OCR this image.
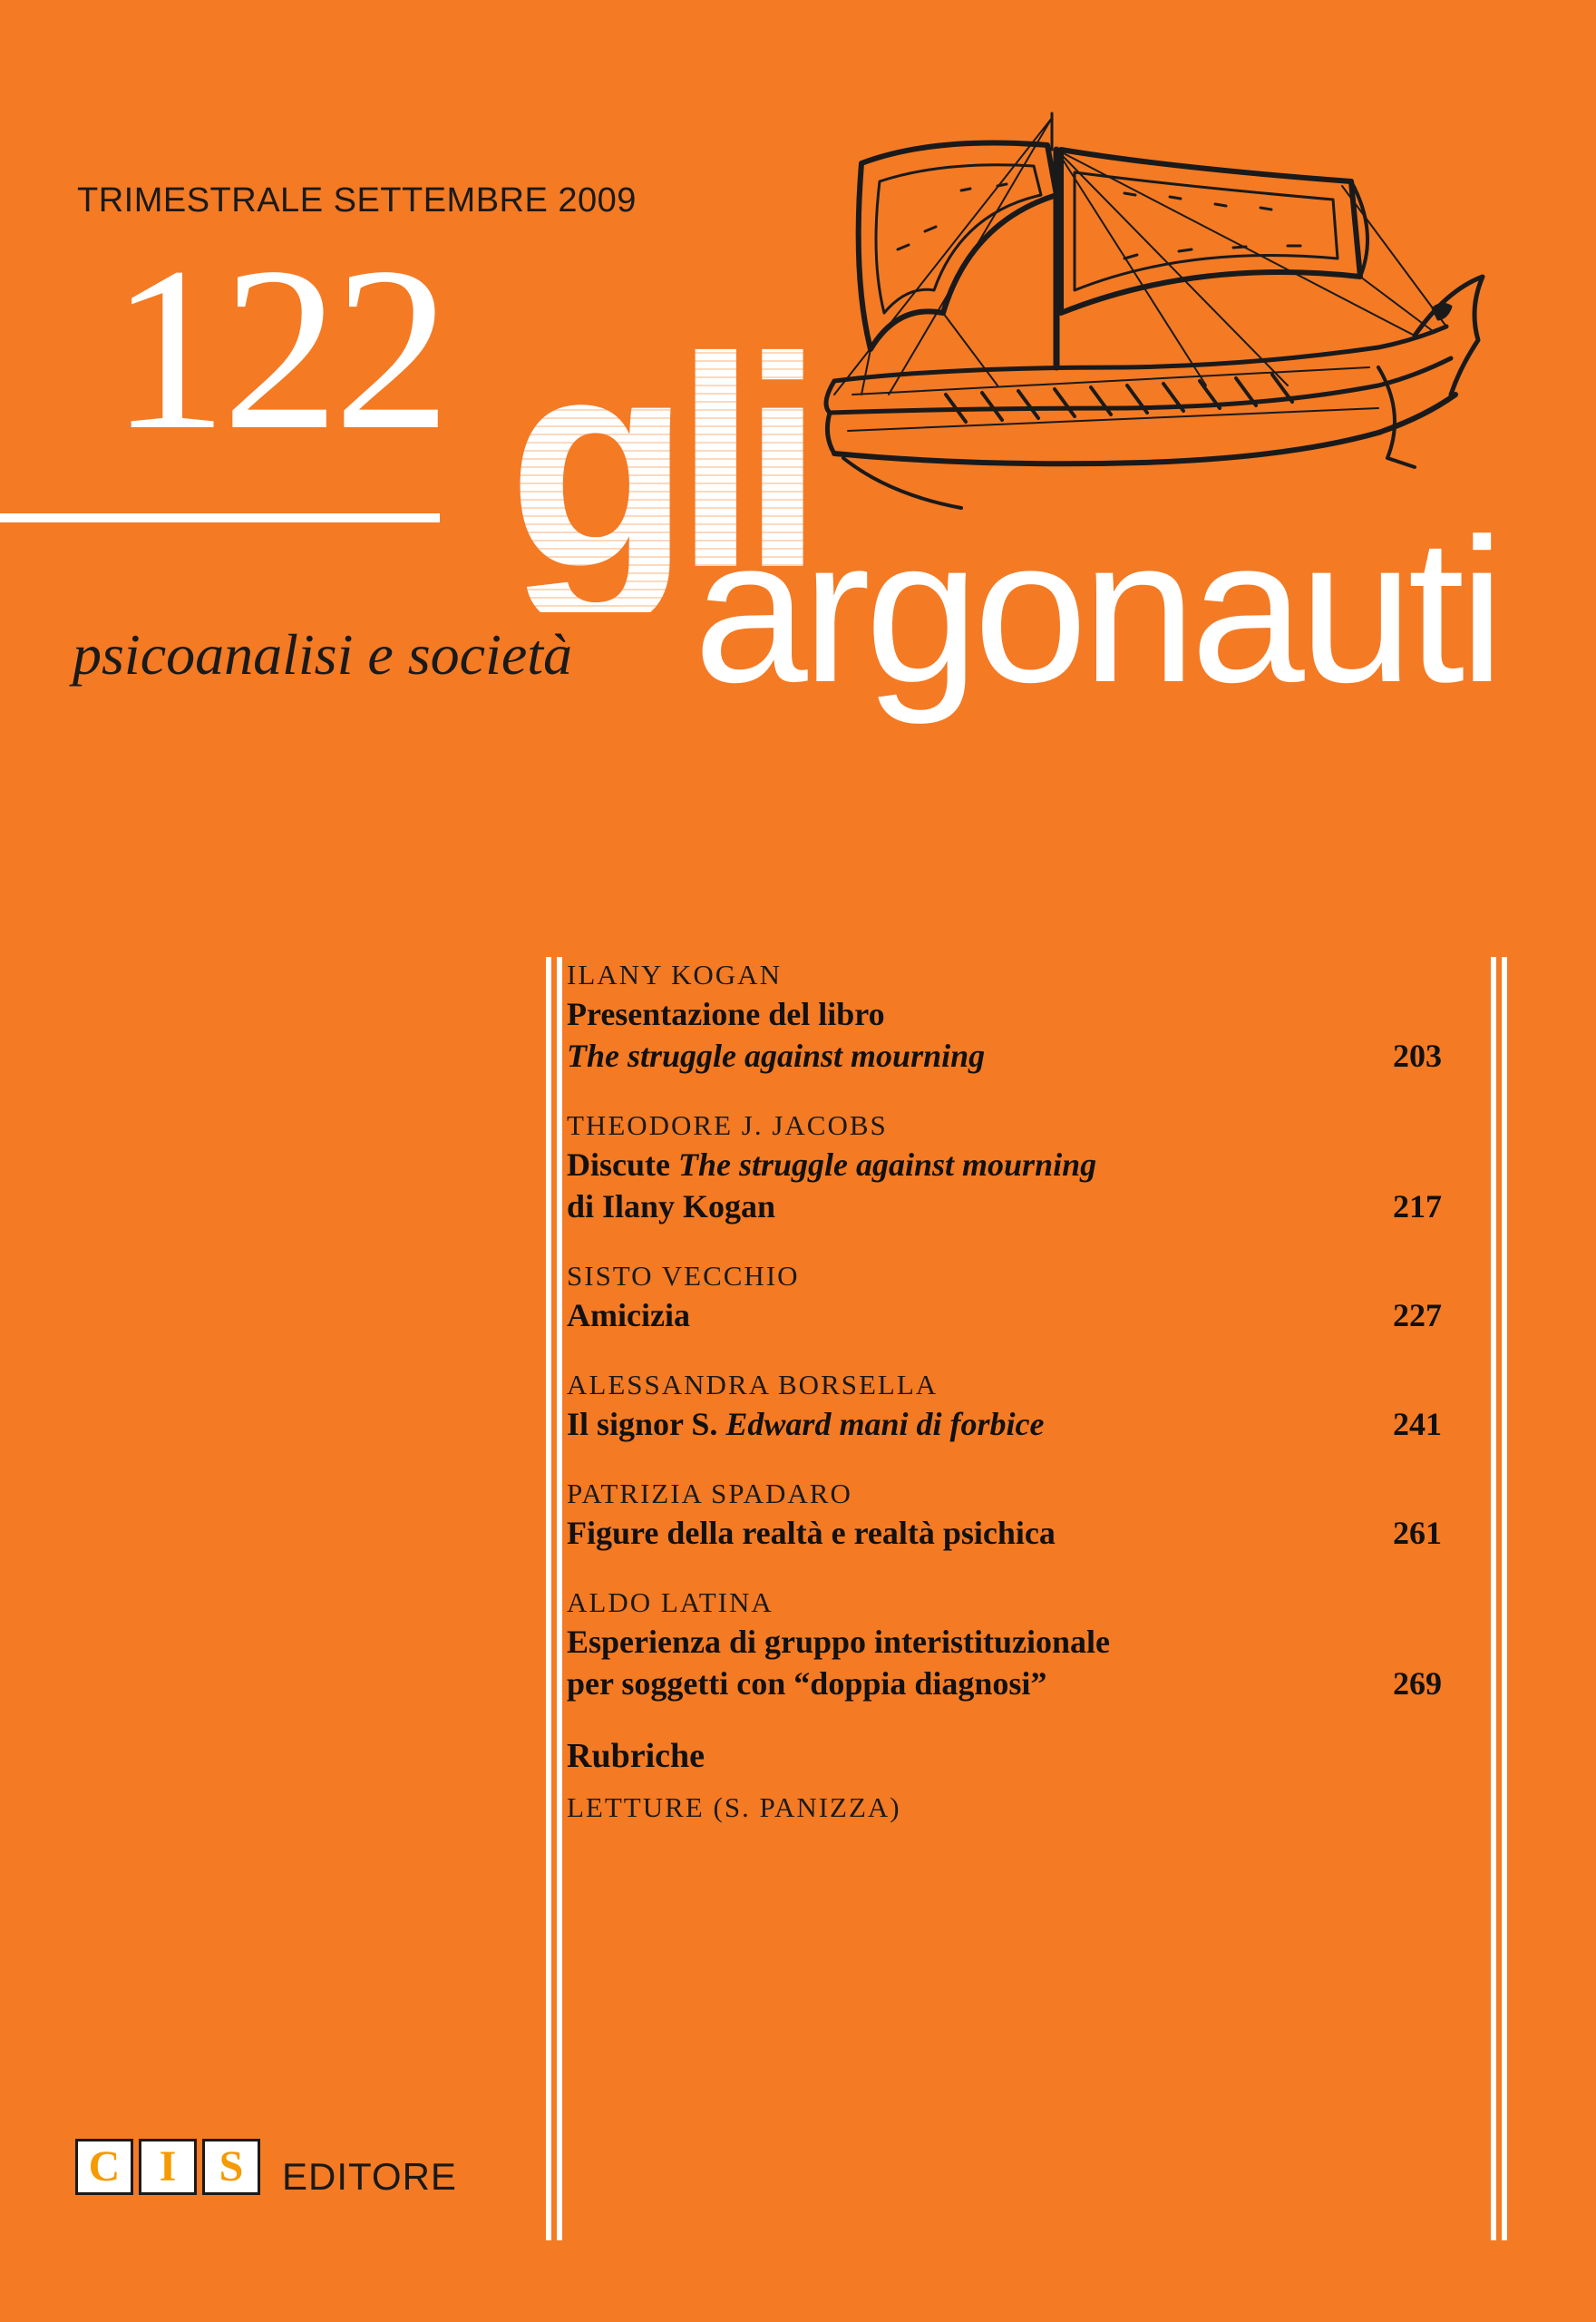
TRIMESTRALE SETTEMBRE 2009
122
psicoanalisi e società
gli
argonauti
ILANY KOGAN
Presentazione del libro
The struggle against mourning	203
THEODORE J. JACOBS
Discute The struggle against mourning
di Ilany Kogan	217
SISTO VECCHIO
Amicizia	227
ALESSANDRA BORSELLA
Il signor S. Edward mani di forbice	241
PATRIZIA SPADARO
Figure della realtà e realtà psichica	261
ALDO LATINA
Esperienza di gruppo interistituzionale
per soggetti con “doppia diagnosi”	269
Rubriche
LETTURE (S. PANIZZA)
C I S	EDITORE
